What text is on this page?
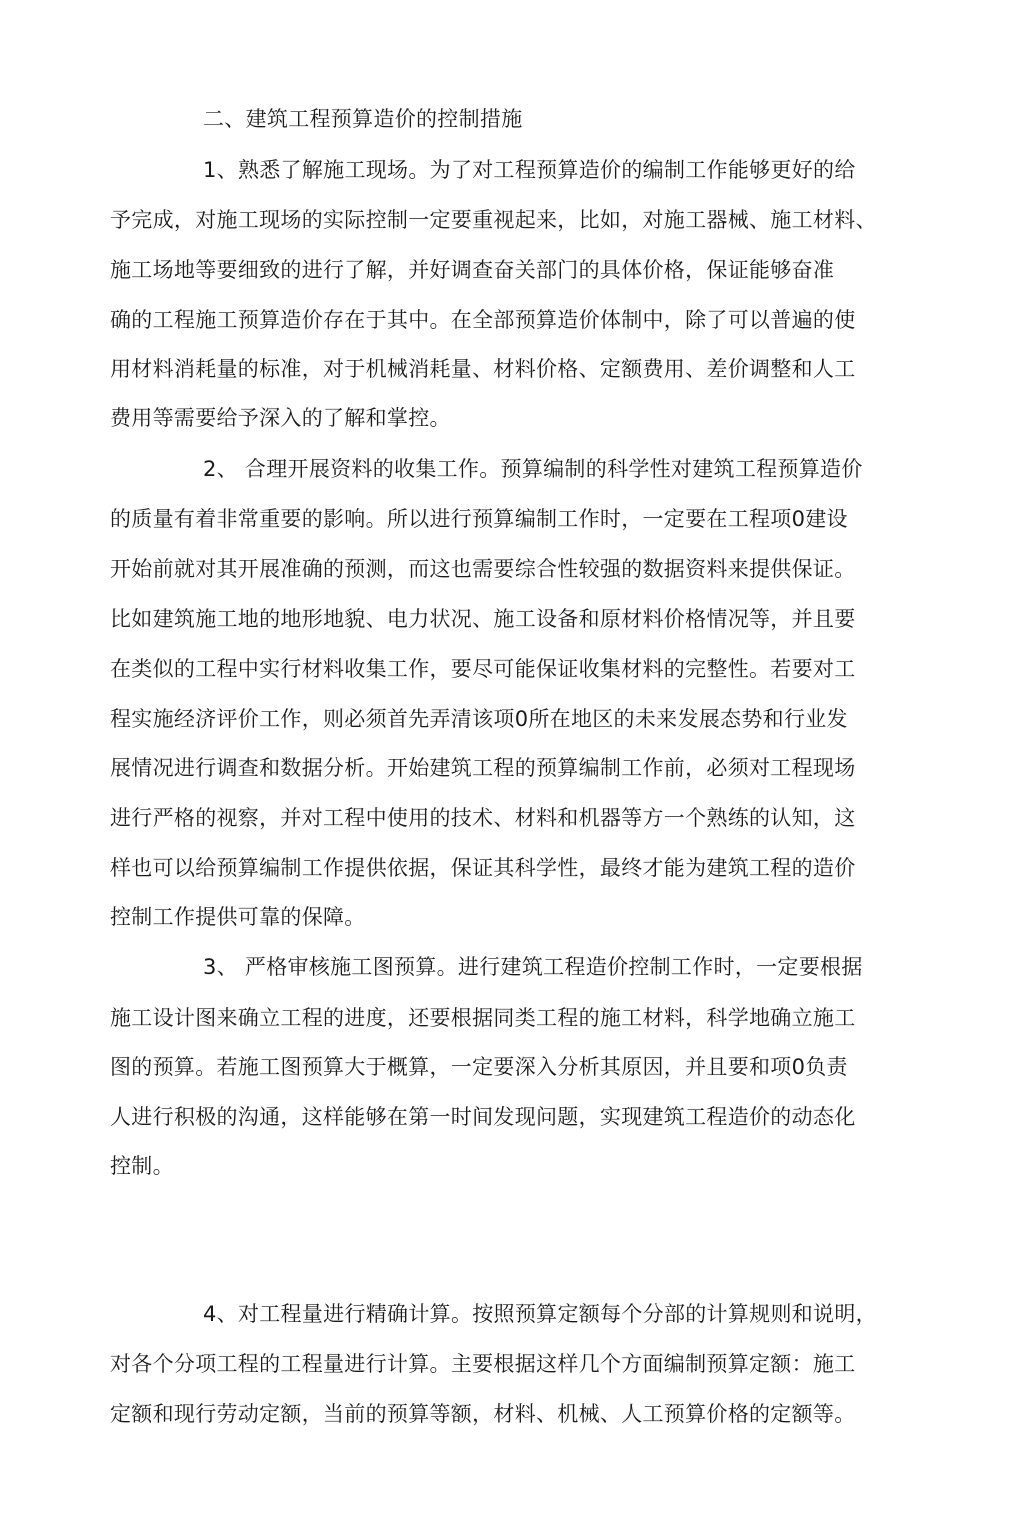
二、建筑工程预算造价的控制措施
1、熟悉了解施工现场。为了对工程预算造价的编制工作能够更好的给
予完成，对施工现场的实际控制一定要重视起来，比如，对施工器械、施工材料、
施工场地等要细致的进行了解，并好调查奋关部门的具体价格，保证能够奋准
确的工程施工预算造价存在于其中。在全部预算造价体制中，除了可以普遍的使
用材料消耗量的标准，对于机械消耗量、材料价格、定额费用、差价调整和人工
费用等需要给予深入的了解和掌控。
2、 合理开展资料的收集工作。预算编制的科学性对建筑工程预算造价
的质量有着非常重要的影响。所以进行预算编制工作时，一定要在工程项0建设
开始前就对其开展准确的预测，而这也需要综合性较强的数据资料来提供保证。
比如建筑施工地的地形地貌、电力状况、施工设备和原材料价格情况等，并且要
在类似的工程中实行材料收集工作，要尽可能保证收集材料的完整性。若要对工
程实施经济评价工作，则必须首先弄清该项0所在地区的未来发展态势和行业发
展情况进行调查和数据分析。开始建筑工程的预算编制工作前，必须对工程现场
进行严格的视察，并对工程中使用的技术、材料和机器等方一个熟练的认知，这
样也可以给预算编制工作提供依据，保证其科学性，最终才能为建筑工程的造价
控制工作提供可靠的保障。
3、 严格审核施工图预算。进行建筑工程造价控制工作时，一定要根据
施工设计图来确立工程的进度，还要根据同类工程的施工材料，科学地确立施工
图的预算。若施工图预算大于概算，一定要深入分析其原因，并且要和项0负责
人进行积极的沟通，这样能够在第一时间发现问题，实现建筑工程造价的动态化
控制。
4、对工程量进行精确计算。按照预算定额每个分部的计算规则和说明，
对各个分项工程的工程量进行计算。主要根据这样几个方面编制预算定额：施工
定额和现行劳动定额，当前的预算等额，材料、机械、人工预算价格的定额等。
